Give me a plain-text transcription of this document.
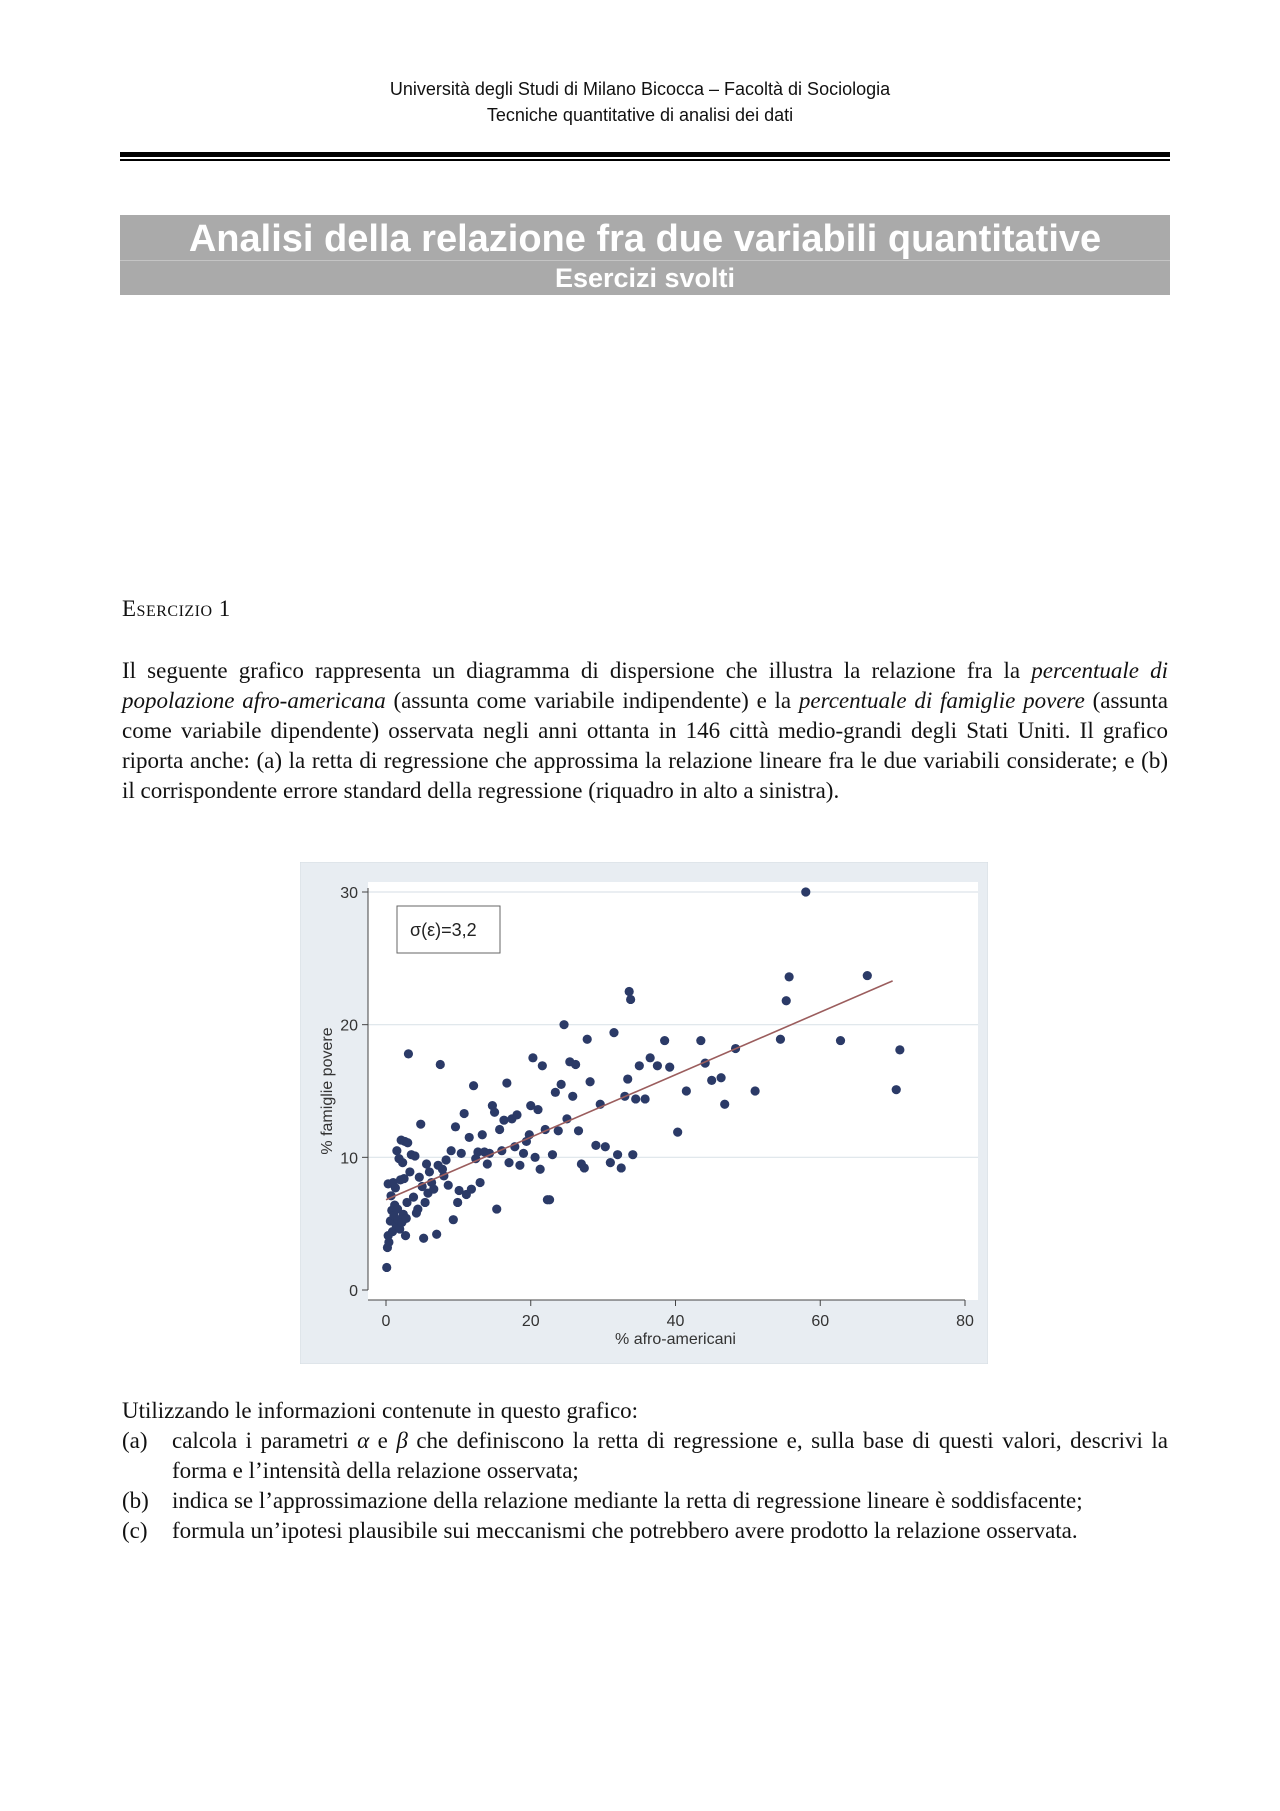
Università degli Studi di Milano Bicocca – Facoltà di Sociologia
Tecniche quantitative di analisi dei dati
Analisi della relazione fra due variabili quantitative
Esercizi svolti
Esercizio 1

Il seguente grafico rappresenta un diagramma di dispersione che illustra la relazione fra la percentuale di popolazione afro-americana (assunta come variabile indipendente) e la percentuale di famiglie povere (assunta come variabile dipendente) osservata negli anni ottanta in 146 città medio-grandi degli Stati Uniti. Il grafico riporta anche: (a) la retta di regressione che approssima la relazione lineare fra le due variabili considerate; e (b) il corrispondente errore standard della regressione (riquadro in alto a sinistra).

0
10
20
30
0	20	40	60	80
% afro-americani
% famiglie povere
σ(ε)=3,2

Utilizzando le informazioni contenute in questo grafico:

(a)	calcola i parametri α e β che definiscono la retta di regressione e, sulla base di questi valori, descrivi la forma e l’intensità della relazione osservata;
(b)	indica se l’approssimazione della relazione mediante la retta di regressione lineare è soddisfacente;
(c)	formula un’ipotesi plausibile sui meccanismi che potrebbero avere prodotto la relazione osservata.
